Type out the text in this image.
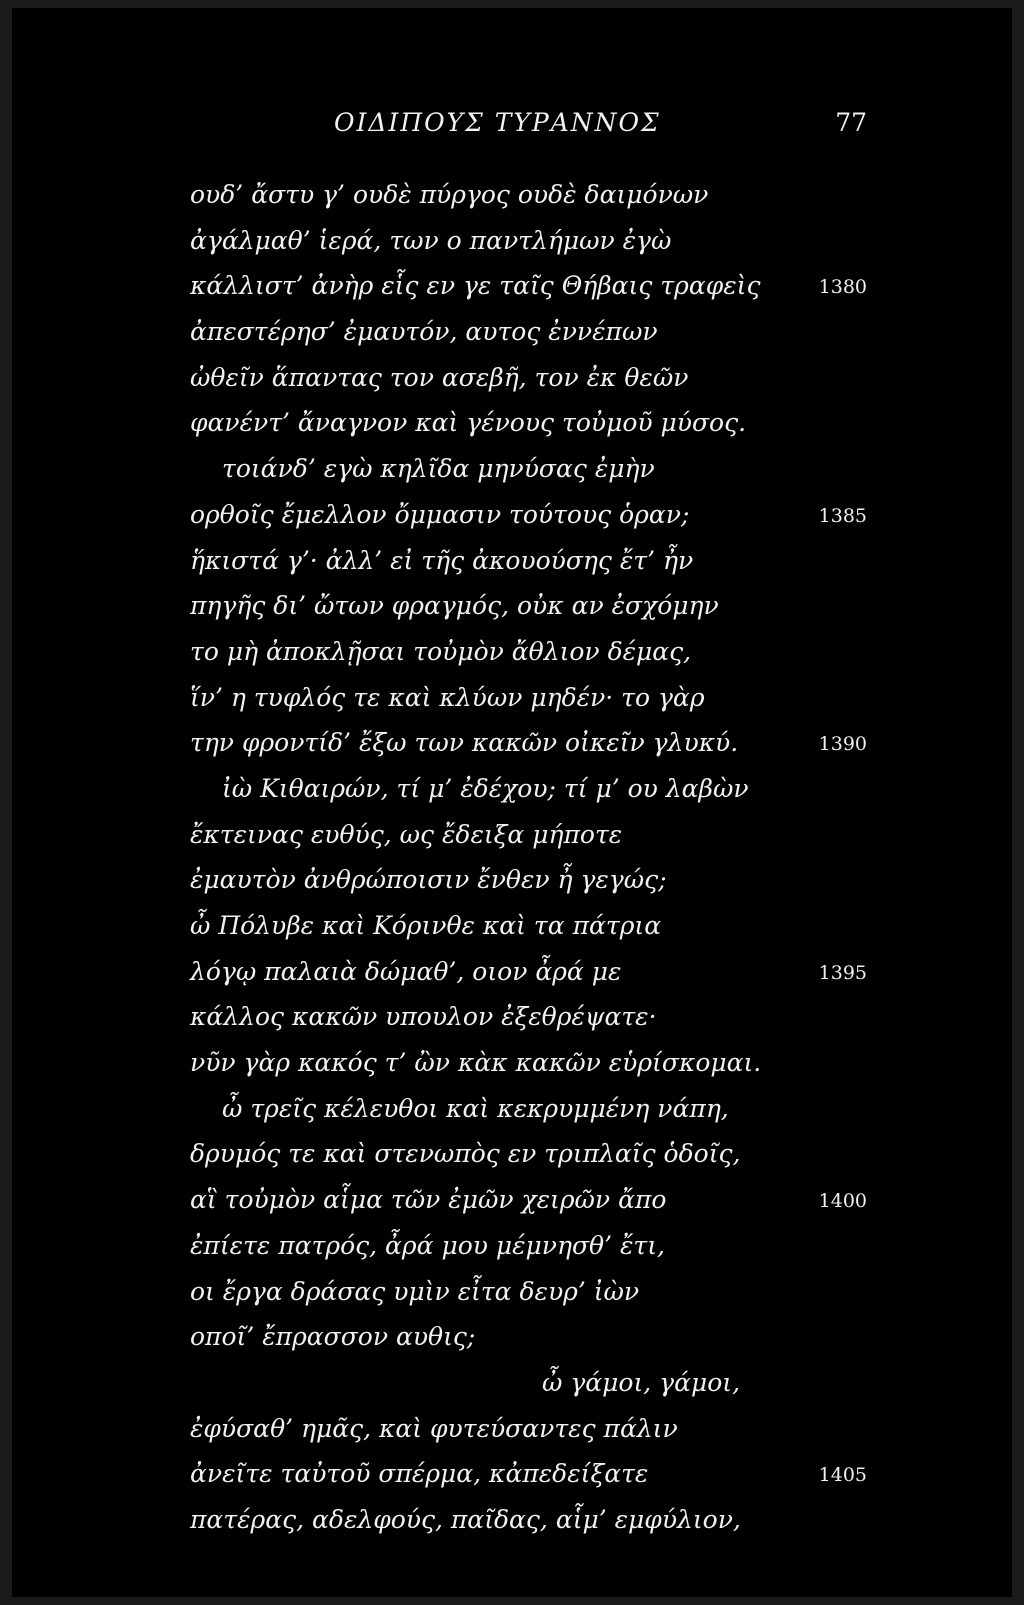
ΟΙΔΙΠΟΥΣ ΤΥΡΑΝΝΟΣ	77
ουδ’ ἄστυ γ’ ουδὲ πύργος ουδὲ δαιμόνων
ἀγάλμαθ’ ἱερά, των ο παντλήμων ἐγὼ
κάλλιστ’ ἀνὴρ εἷς εν γε ταῖς Θήβαις τραφεὶς	1380
ἀπεστέρησ’ ἐμαυτόν, αυτος ἐννέπων
ὠθεῖν ἅπαντας τον ασεβῆ, τον ἐκ θεῶν
φανέντ’ ἄναγνον καὶ γένους τοὐμοῦ μύσος.
τοιάνδ’ εγὼ κηλῖδα μηνύσας ἐμὴν
ορθοῖς ἔμελλον ὄμμασιν τούτους ὁραν;	1385
ἥκιστά γ’· ἀλλ’ εἰ τῆς ἀκουούσης ἔτ’ ἦν
πηγῆς δι’ ὤτων φραγμός, οὐκ αν ἐσχόμην
το μὴ ἀποκλῇσαι τοὐμὸν ἄθλιον δέμας,
ἵν’ η τυφλός τε καὶ κλύων μηδέν· το γὰρ
την φροντίδ’ ἔξω των κακῶν οἰκεῖν γλυκύ.	1390
ἰὼ Κιθαιρών, τί μ’ ἐδέχου; τί μ’ ου λαβὼν
ἔκτεινας ευθύς, ως ἔδειξα μήποτε
ἐμαυτὸν ἀνθρώποισιν ἔνθεν ἦ γεγώς;
ὦ Πόλυβε καὶ Κόρινθε καὶ τα πάτρια
λόγῳ παλαιὰ δώμαθ’, οιον ἆρά με	1395
κάλλος κακῶν υπουλον ἐξεθρέψατε·
νῦν γὰρ κακός τ’ ὢν κὰκ κακῶν εὑρίσκομαι.
ὦ τρεῖς κέλευθοι καὶ κεκρυμμένη νάπη,
δρυμός τε καὶ στενωπὸς εν τριπλαῖς ὁδοῖς,
αἳ τοὐμὸν αἷμα τῶν ἐμῶν χειρῶν ἄπο	1400
ἐπίετε πατρός, ἆρά μου μέμνησθ’ ἔτι,
οι ἔργα δράσας υμὶν εἶτα δευρ’ ἰὼν
οποῖ’ ἔπρασσον αυθις;
ὦ γάμοι, γάμοι,
ἐφύσαθ’ ημᾶς, καὶ φυτεύσαντες πάλιν
ἀνεῖτε ταὐτοῦ σπέρμα, κἀπεδείξατε	1405
πατέρας, αδελφούς, παῖδας, αἷμ’ εμφύλιον,
